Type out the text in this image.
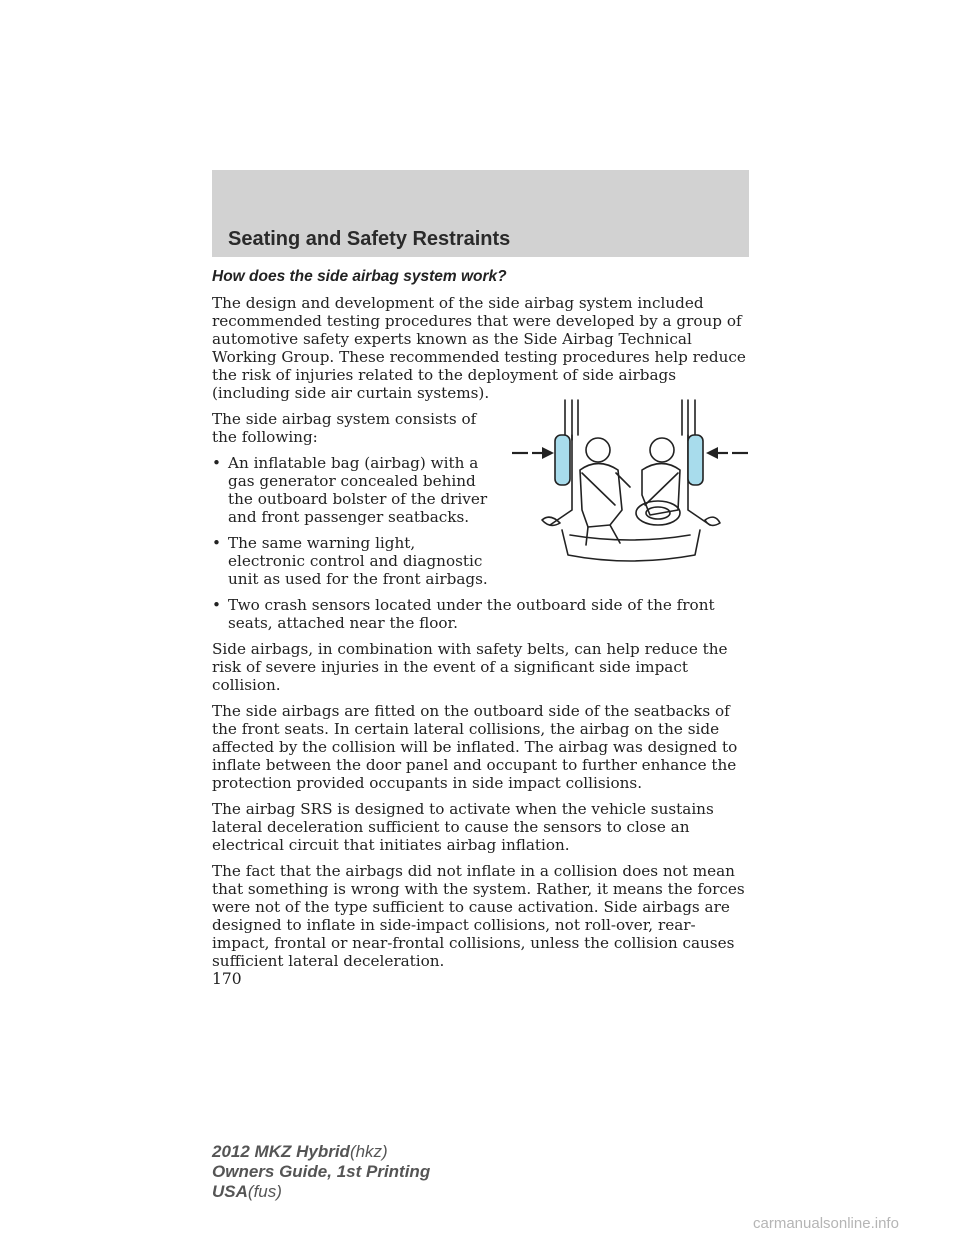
Seating and Safety Restraints
How does the side airbag system work?

The design and development of the side airbag system included recommended testing procedures that were developed by a group of automotive safety experts known as the Side Airbag Technical Working Group. These recommended testing procedures help reduce the risk of injuries related to the deployment of side airbags (including side air curtain systems).

The side airbag system consists of the following:

• An inflatable bag (airbag) with a gas generator concealed behind the outboard bolster of the driver and front passenger seatbacks.
• The same warning light, electronic control and diagnostic unit as used for the front airbags.
• Two crash sensors located under the outboard side of the front seats, attached near the floor.

Side airbags, in combination with safety belts, can help reduce the risk of severe injuries in the event of a significant side impact collision.

The side airbags are fitted on the outboard side of the seatbacks of the front seats. In certain lateral collisions, the airbag on the side affected by the collision will be inflated. The airbag was designed to inflate between the door panel and occupant to further enhance the protection provided occupants in side impact collisions.

The airbag SRS is designed to activate when the vehicle sustains lateral deceleration sufficient to cause the sensors to close an electrical circuit that initiates airbag inflation.

The fact that the airbags did not inflate in a collision does not mean that something is wrong with the system. Rather, it means the forces were not of the type sufficient to cause activation. Side airbags are designed to inflate in side-impact collisions, not roll-over, rear-impact, frontal or near-frontal collisions, unless the collision causes sufficient lateral deceleration.

170
2012 MKZ Hybrid(hkz)
Owners Guide, 1st Printing
USA(fus)
carmanualsonline.info
